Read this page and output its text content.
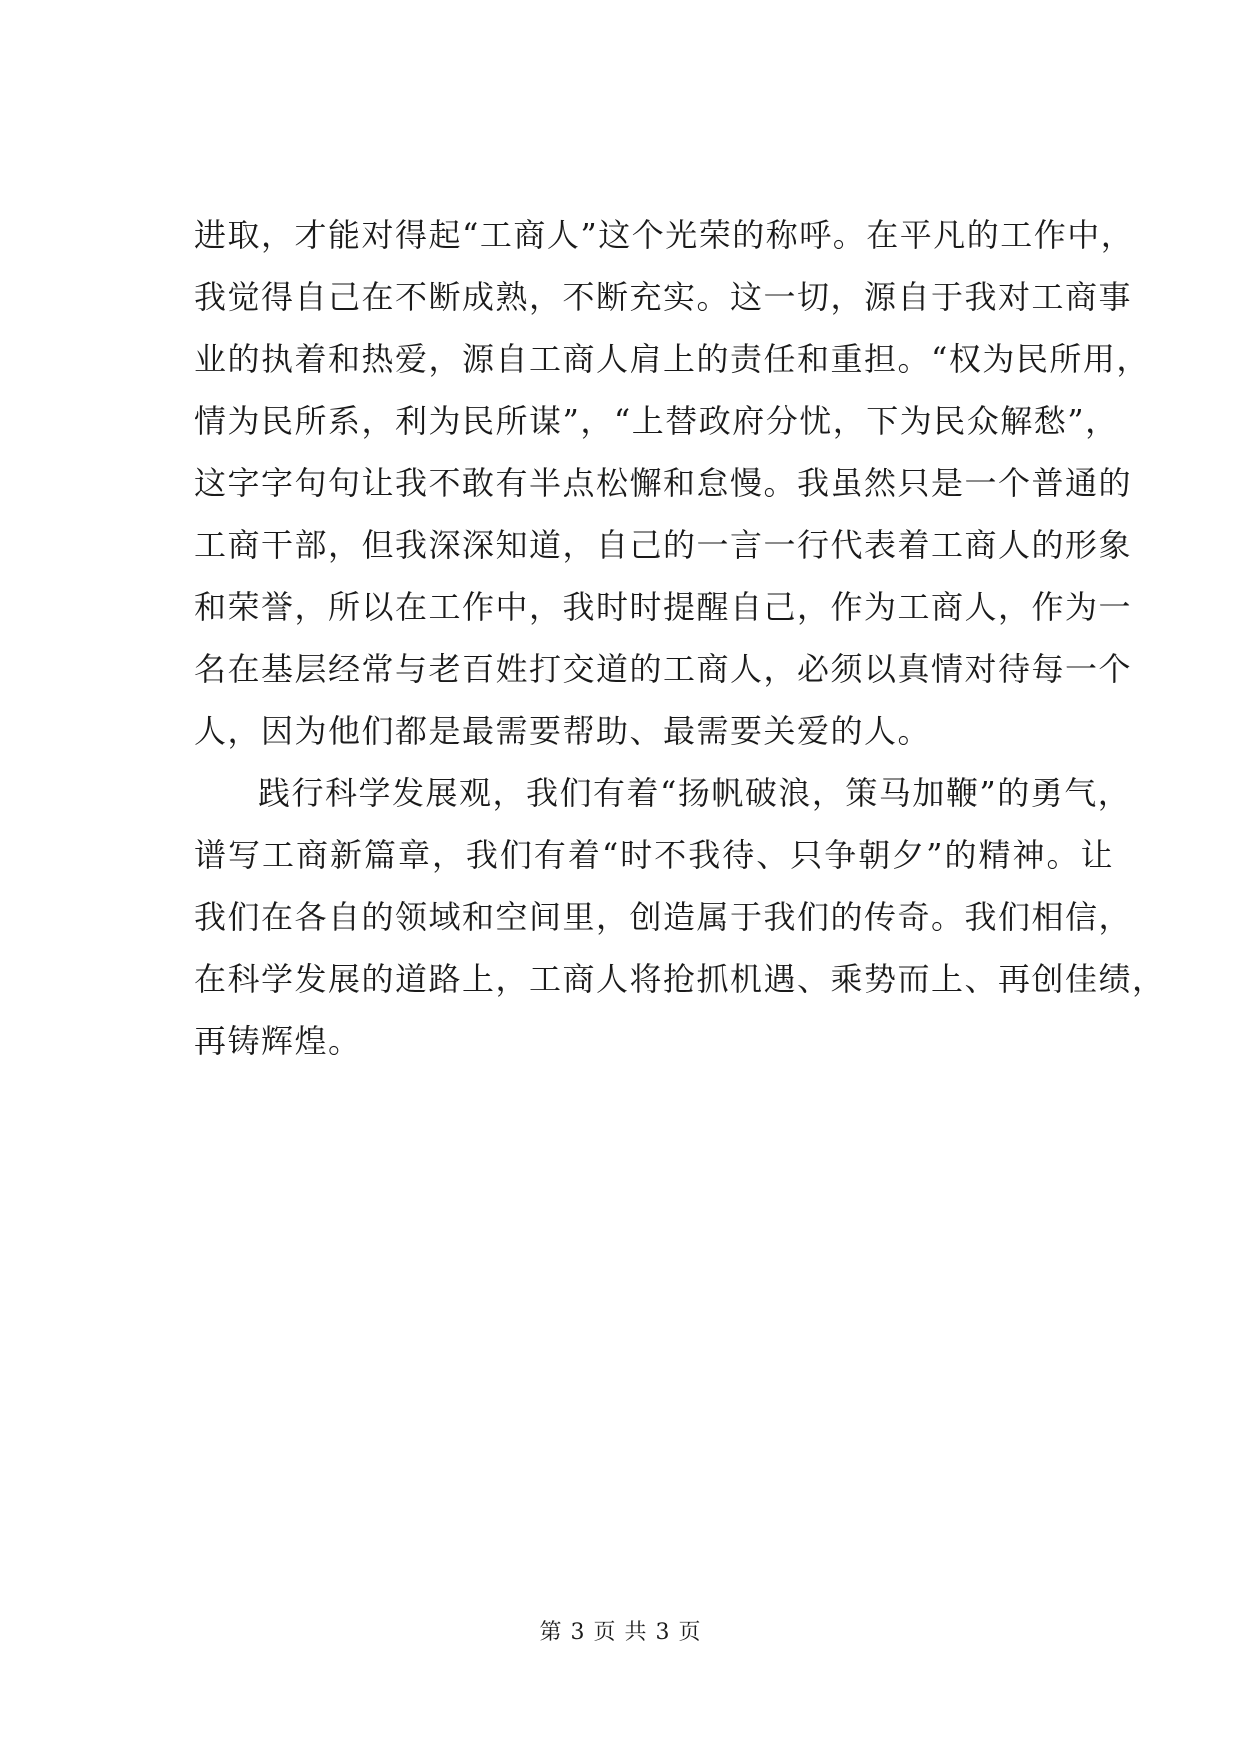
进取，才能对得起“工商人”这个光荣的称呼。在平凡的工作中，
我觉得自己在不断成熟，不断充实。这一切，源自于我对工商事
业的执着和热爱，源自工商人肩上的责任和重担。“权为民所用，
情为民所系，利为民所谋”，“上替政府分忧，下为民众解愁”，
这字字句句让我不敢有半点松懈和怠慢。我虽然只是一个普通的
工商干部，但我深深知道，自己的一言一行代表着工商人的形象
和荣誉，所以在工作中，我时时提醒自己，作为工商人，作为一
名在基层经常与老百姓打交道的工商人，必须以真情对待每一个
人，因为他们都是最需要帮助、最需要关爱的人。
践行科学发展观，我们有着“扬帆破浪，策马加鞭”的勇气，
谱写工商新篇章，我们有着“时不我待、只争朝夕”的精神。让
我们在各自的领域和空间里，创造属于我们的传奇。我们相信，
在科学发展的道路上，工商人将抢抓机遇、乘势而上、再创佳绩，
再铸辉煌。
第 3 页 共 3 页
